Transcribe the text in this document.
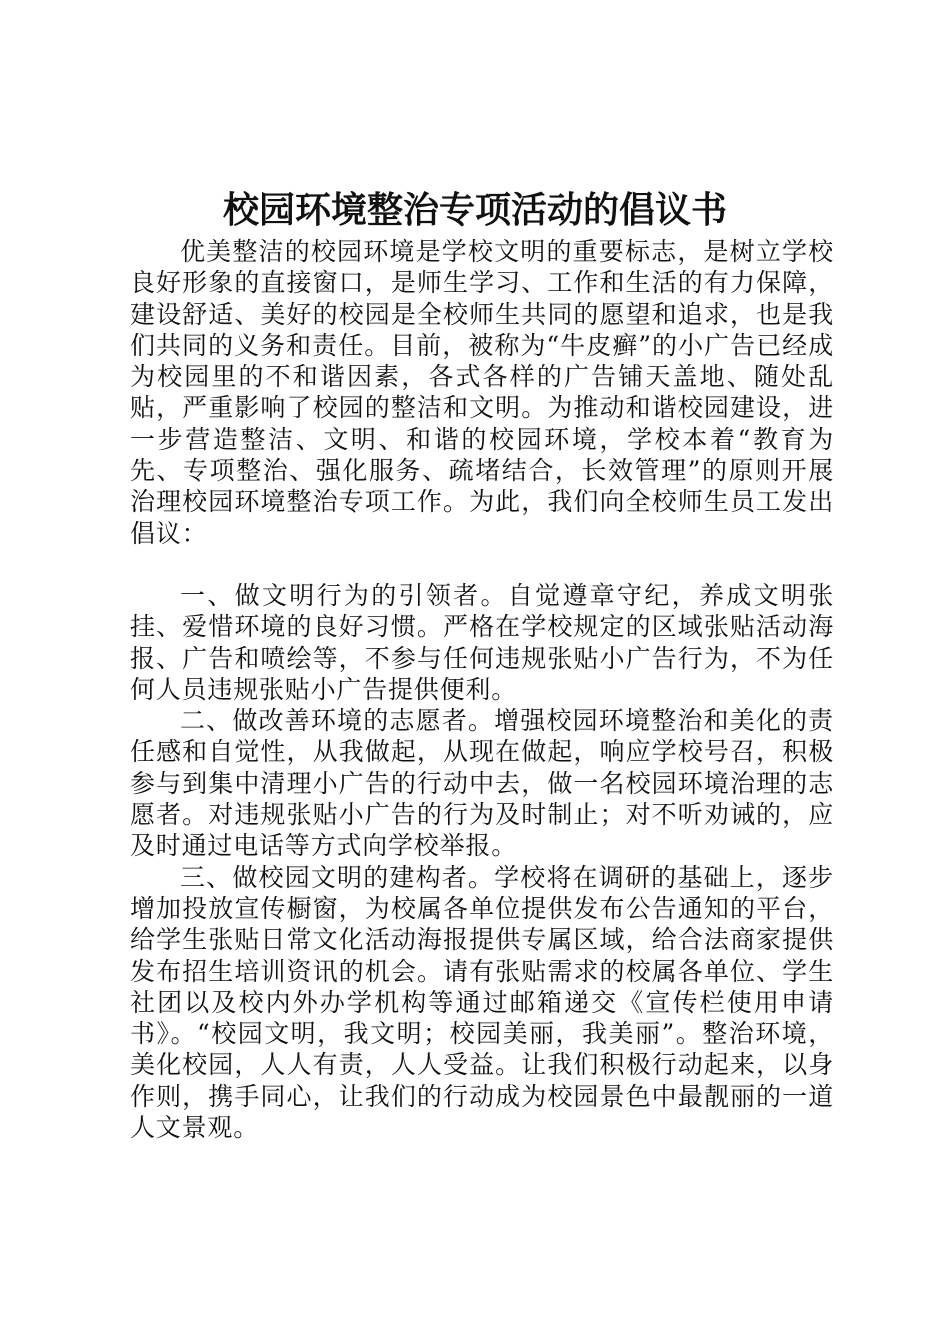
校园环境整治专项活动的倡议书

优美整洁的校园环境是学校文明的重要标志，是树立学校良好形象的直接窗口，是师生学习、工作和生活的有力保障，建设舒适、美好的校园是全校师生共同的愿望和追求，也是我们共同的义务和责任。目前，被称为“牛皮癣”的小广告已经成为校园里的不和谐因素，各式各样的广告铺天盖地、随处乱贴，严重影响了校园的整洁和文明。为推动和谐校园建设，进一步营造整洁、文明、和谐的校园环境，学校本着“教育为先、专项整治、强化服务、疏堵结合，长效管理”的原则开展治理校园环境整治专项工作。为此，我们向全校师生员工发出倡议：

一、做文明行为的引领者。自觉遵章守纪，养成文明张挂、爱惜环境的良好习惯。严格在学校规定的区域张贴活动海报、广告和喷绘等，不参与任何违规张贴小广告行为，不为任何人员违规张贴小广告提供便利。

二、做改善环境的志愿者。增强校园环境整治和美化的责任感和自觉性，从我做起，从现在做起，响应学校号召，积极参与到集中清理小广告的行动中去，做一名校园环境治理的志愿者。对违规张贴小广告的行为及时制止；对不听劝诫的，应及时通过电话等方式向学校举报。

三、做校园文明的建构者。学校将在调研的基础上，逐步增加投放宣传橱窗，为校属各单位提供发布公告通知的平台，给学生张贴日常文化活动海报提供专属区域，给合法商家提供发布招生培训资讯的机会。请有张贴需求的校属各单位、学生社团以及校内外办学机构等通过邮箱递交《宣传栏使用申请书》。“校园文明，我文明；校园美丽，我美丽”。整治环境，美化校园，人人有责，人人受益。让我们积极行动起来，以身作则，携手同心，让我们的行动成为校园景色中最靓丽的一道人文景观。
